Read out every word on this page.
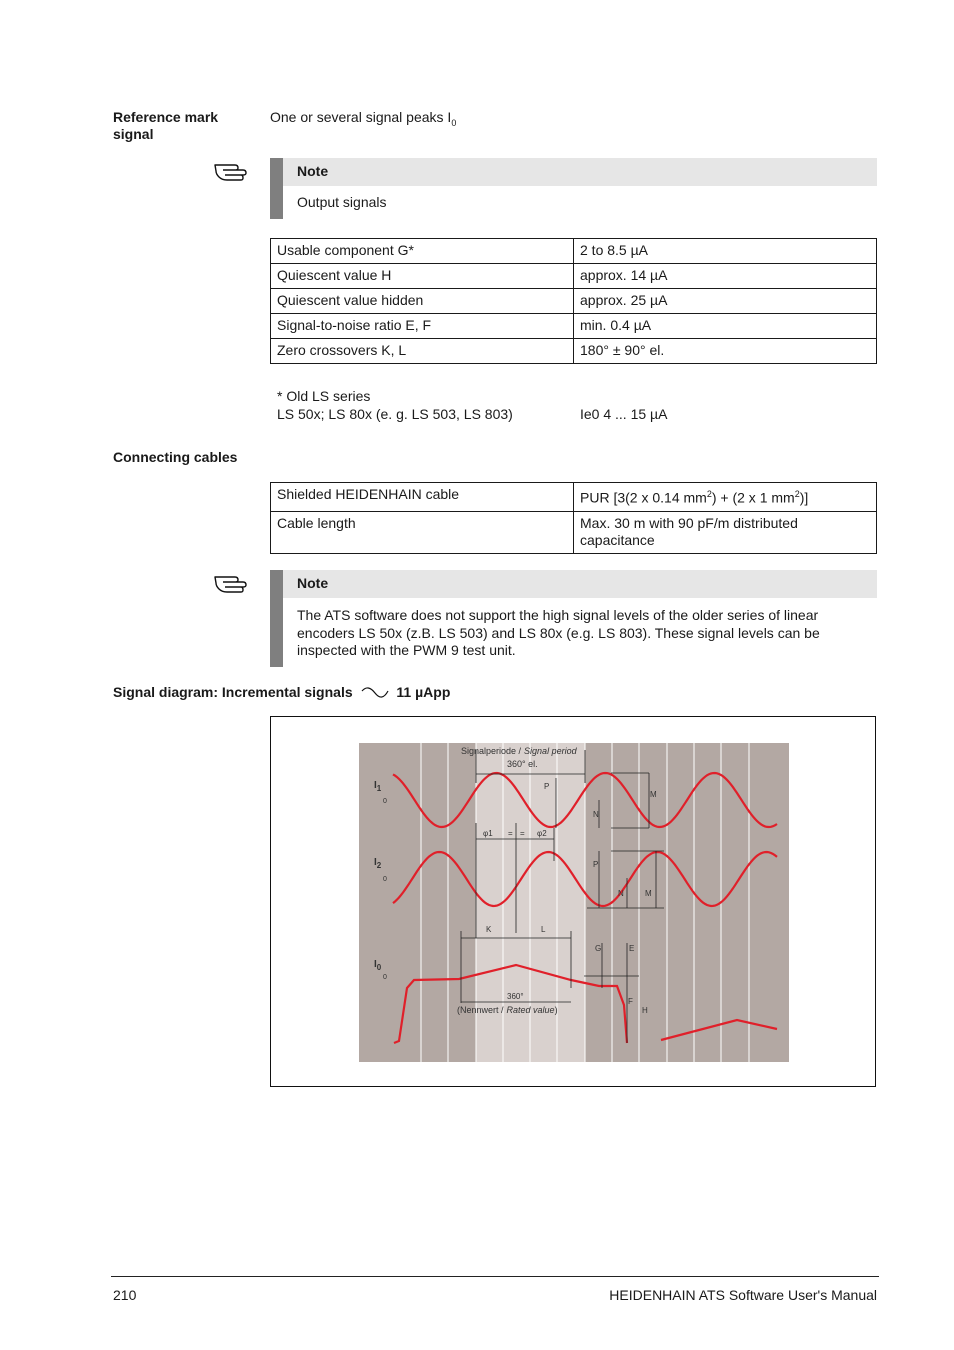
Reference mark signal
One or several signal peaks $I_0$
Note
Output signals
Usable component G*	2 to 8.5 µA
Quiescent value H	approx. 14 µA
Quiescent value hidden	approx. 25 µA
Signal-to-noise ratio E, F	min. 0.4 µA
Zero crossovers K, L	180° ± 90° el.
* Old LS series
LS 50x; LS 80x (e. g. LS 503, LS 803)	Ie0 4 ... 15 µA
Connecting cables
Shielded HEIDENHAIN cable	PUR [3(2 x 0.14 $mm^2) + (2$ x 1 $mm^2$)]
Cable length	Max. 30 m with 90 pF/m distributed capacitance
Note
The ATS software does not support the high signal levels of the older series of linear encoders LS 50x (z.B. LS 503) and LS 80x (e.g. LS 803). These signal levels can be inspected with the PWM 9 test unit.
Signal diagram: Incremental signals	11 µApp
Signalperiode / Signal period
360° el.
$I_1$
0
$I_2$
0
$I_0$
0
P
M
N
φ1 = = φ2
P
N	M
K	L
G	E
F
H
360°
(Nennwert / Rated value)
210	HEIDENHAIN ATS Software User's Manual
